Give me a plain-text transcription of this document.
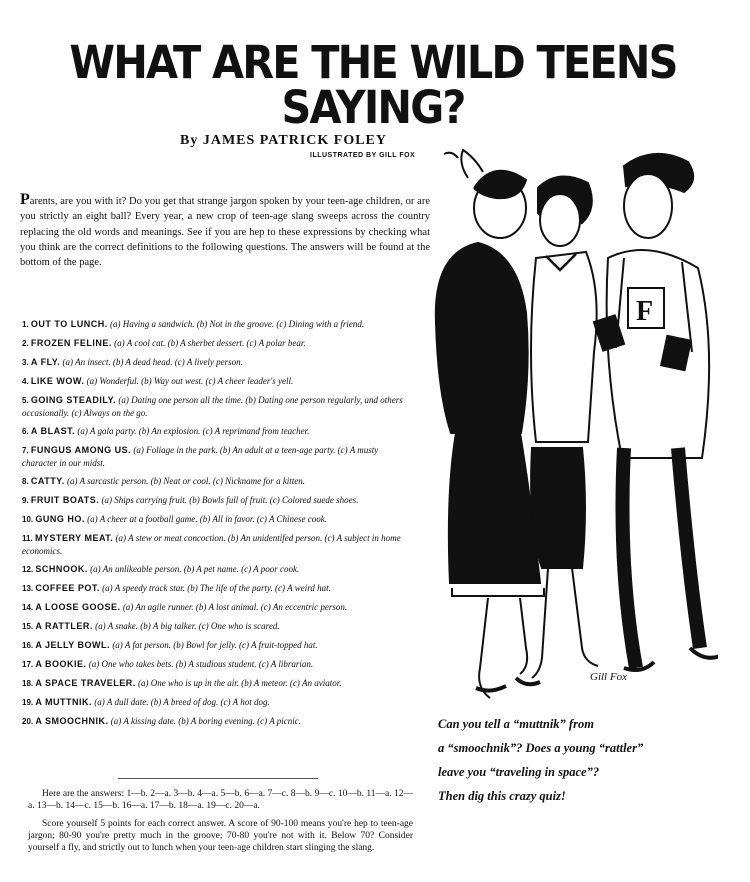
WHAT ARE THE WILD TEENS SAYING?
By JAMES PATRICK FOLEY
ILLUSTRATED BY GILL FOX
Parents, are you with it? Do you get that strange jargon spoken by your teen-age children, or are you strictly an eight ball? Every year, a new crop of teen-age slang sweeps across the country replacing the old words and meanings. See if you are hep to these expressions by checking what you think are the correct definitions to the following questions. The answers will be found at the bottom of the page.
1. OUT TO LUNCH. (a) Having a sandwich. (b) Not in the groove. (c) Dining with a friend.
2. FROZEN FELINE. (a) A cool cat. (b) A sherbet dessert. (c) A polar bear.
3. A FLY. (a) An insect. (b) A dead head. (c) A lively person.
4. LIKE WOW. (a) Wonderful. (b) Way out west. (c) A cheer leader's yell.
5. GOING STEADILY. (a) Dating one person all the time. (b) Dating one person regularly, and others occasionally. (c) Always on the go.
6. A BLAST. (a) A gala party. (b) An explosion. (c) A reprimand from teacher.
7. FUNGUS AMONG US. (a) Foliage in the park. (b) An adult at a teen-age party. (c) A musty character in our midst.
8. CATTY. (a) A sarcastic person. (b) Neat or cool. (c) Nickname for a kitten.
9. FRUIT BOATS. (a) Ships carrying fruit. (b) Bowls full of fruit. (c) Colored suede shoes.
10. GUNG HO. (a) A cheer at a football game. (b) All in favor. (c) A Chinese cook.
11. MYSTERY MEAT. (a) A stew or meat concoction. (b) An unidentifed person. (c) A subject in home economics.
12. SCHNOOK. (a) An unlikeable person. (b) A pet name. (c) A poor cook.
13. COFFEE POT. (a) A speedy track star. (b) The life of the party. (c) A weird hat.
14. A LOOSE GOOSE. (a) An agile runner. (b) A lost animal. (c) An eccentric person.
15. A RATTLER. (a) A snake. (b) A big talker. (c) One who is scared.
16. A JELLY BOWL. (a) A fat person. (b) Bowl for jelly. (c) A fruit-topped hat.
17. A BOOKIE. (a) One who takes bets. (b) A studious student. (c) A librarian.
18. A SPACE TRAVELER. (a) One who is up in the air. (b) A meteor. (c) An aviator.
19. A MUTTNIK. (a) A dull date. (b) A breed of dog. (c) A hot dog.
20. A SMOOCHNIK. (a) A kissing date. (b) A boring evening. (c) A picnic.

Here are the answers: 1—b. 2—a. 3—b. 4—a. 5—b. 6—a. 7—c. 8—b. 9—c. 10—b. 11—a. 12—a. 13—b. 14—c. 15—b. 16—a. 17—b. 18—a. 19—c. 20—a.

Score yourself 5 points for each correct answer. A score of 90-100 means you're hep to teen-age jargon; 80-90 you're pretty much in the groove; 70-80 you're not with it. Below 70? Consider yourself a fly, and strictly out to lunch when your teen-age children start slinging the slang.

F
Gill Fox
Can you tell a “muttnik” from
a “smoochnik”? Does a young “rattler”
leave you “traveling in space”?
Then dig this crazy quiz!
